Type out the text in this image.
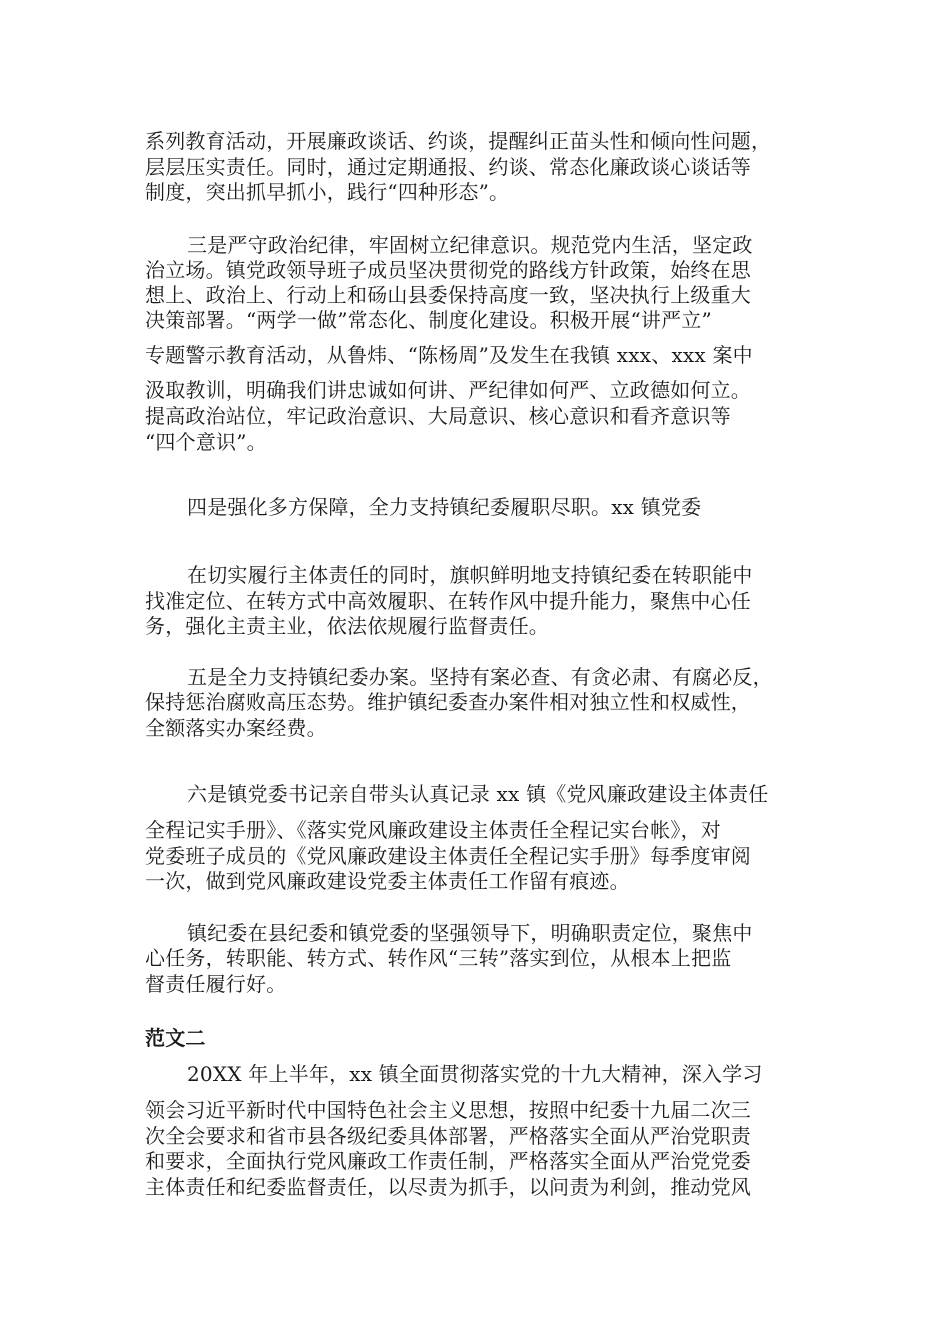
系列教育活动，开展廉政谈话、约谈，提醒纠正苗头性和倾向性问题，
层层压实责任。同时，通过定期通报、约谈、常态化廉政谈心谈话等
制度，突出抓早抓小，践行“四种形态”。
三是严守政治纪律，牢固树立纪律意识。规范党内生活，坚定政
治立场。镇党政领导班子成员坚决贯彻党的路线方针政策，始终在思
想上、政治上、行动上和砀山县委保持高度一致，坚决执行上级重大
决策部署。“两学一做”常态化、制度化建设。积极开展“讲严立”
专题警示教育活动，从鲁炜、“陈杨周”及发生在我镇 xxx、xxx 案中
汲取教训，明确我们讲忠诚如何讲、严纪律如何严、立政德如何立。
提高政治站位，牢记政治意识、大局意识、核心意识和看齐意识等
“四个意识”。
四是强化多方保障，全力支持镇纪委履职尽职。xx 镇党委
在切实履行主体责任的同时，旗帜鲜明地支持镇纪委在转职能中
找准定位、在转方式中高效履职、在转作风中提升能力，聚焦中心任
务，强化主责主业，依法依规履行监督责任。
五是全力支持镇纪委办案。坚持有案必查、有贪必肃、有腐必反，
保持惩治腐败高压态势。维护镇纪委查办案件相对独立性和权威性，
全额落实办案经费。
六是镇党委书记亲自带头认真记录 xx 镇《党风廉政建设主体责任
全程记实手册》、《落实党风廉政建设主体责任全程记实台帐》，对
党委班子成员的《党风廉政建设主体责任全程记实手册》每季度审阅
一次，做到党风廉政建设党委主体责任工作留有痕迹。
镇纪委在县纪委和镇党委的坚强领导下，明确职责定位，聚焦中
心任务，转职能、转方式、转作风“三转”落实到位，从根本上把监
督责任履行好。
范文二
20XX 年上半年，xx 镇全面贯彻落实党的十九大精神，深入学习
领会习近平新时代中国特色社会主义思想，按照中纪委十九届二次三
次全会要求和省市县各级纪委具体部署，严格落实全面从严治党职责
和要求，全面执行党风廉政工作责任制，严格落实全面从严治党党委
主体责任和纪委监督责任，以尽责为抓手，以问责为利剑，推动党风
